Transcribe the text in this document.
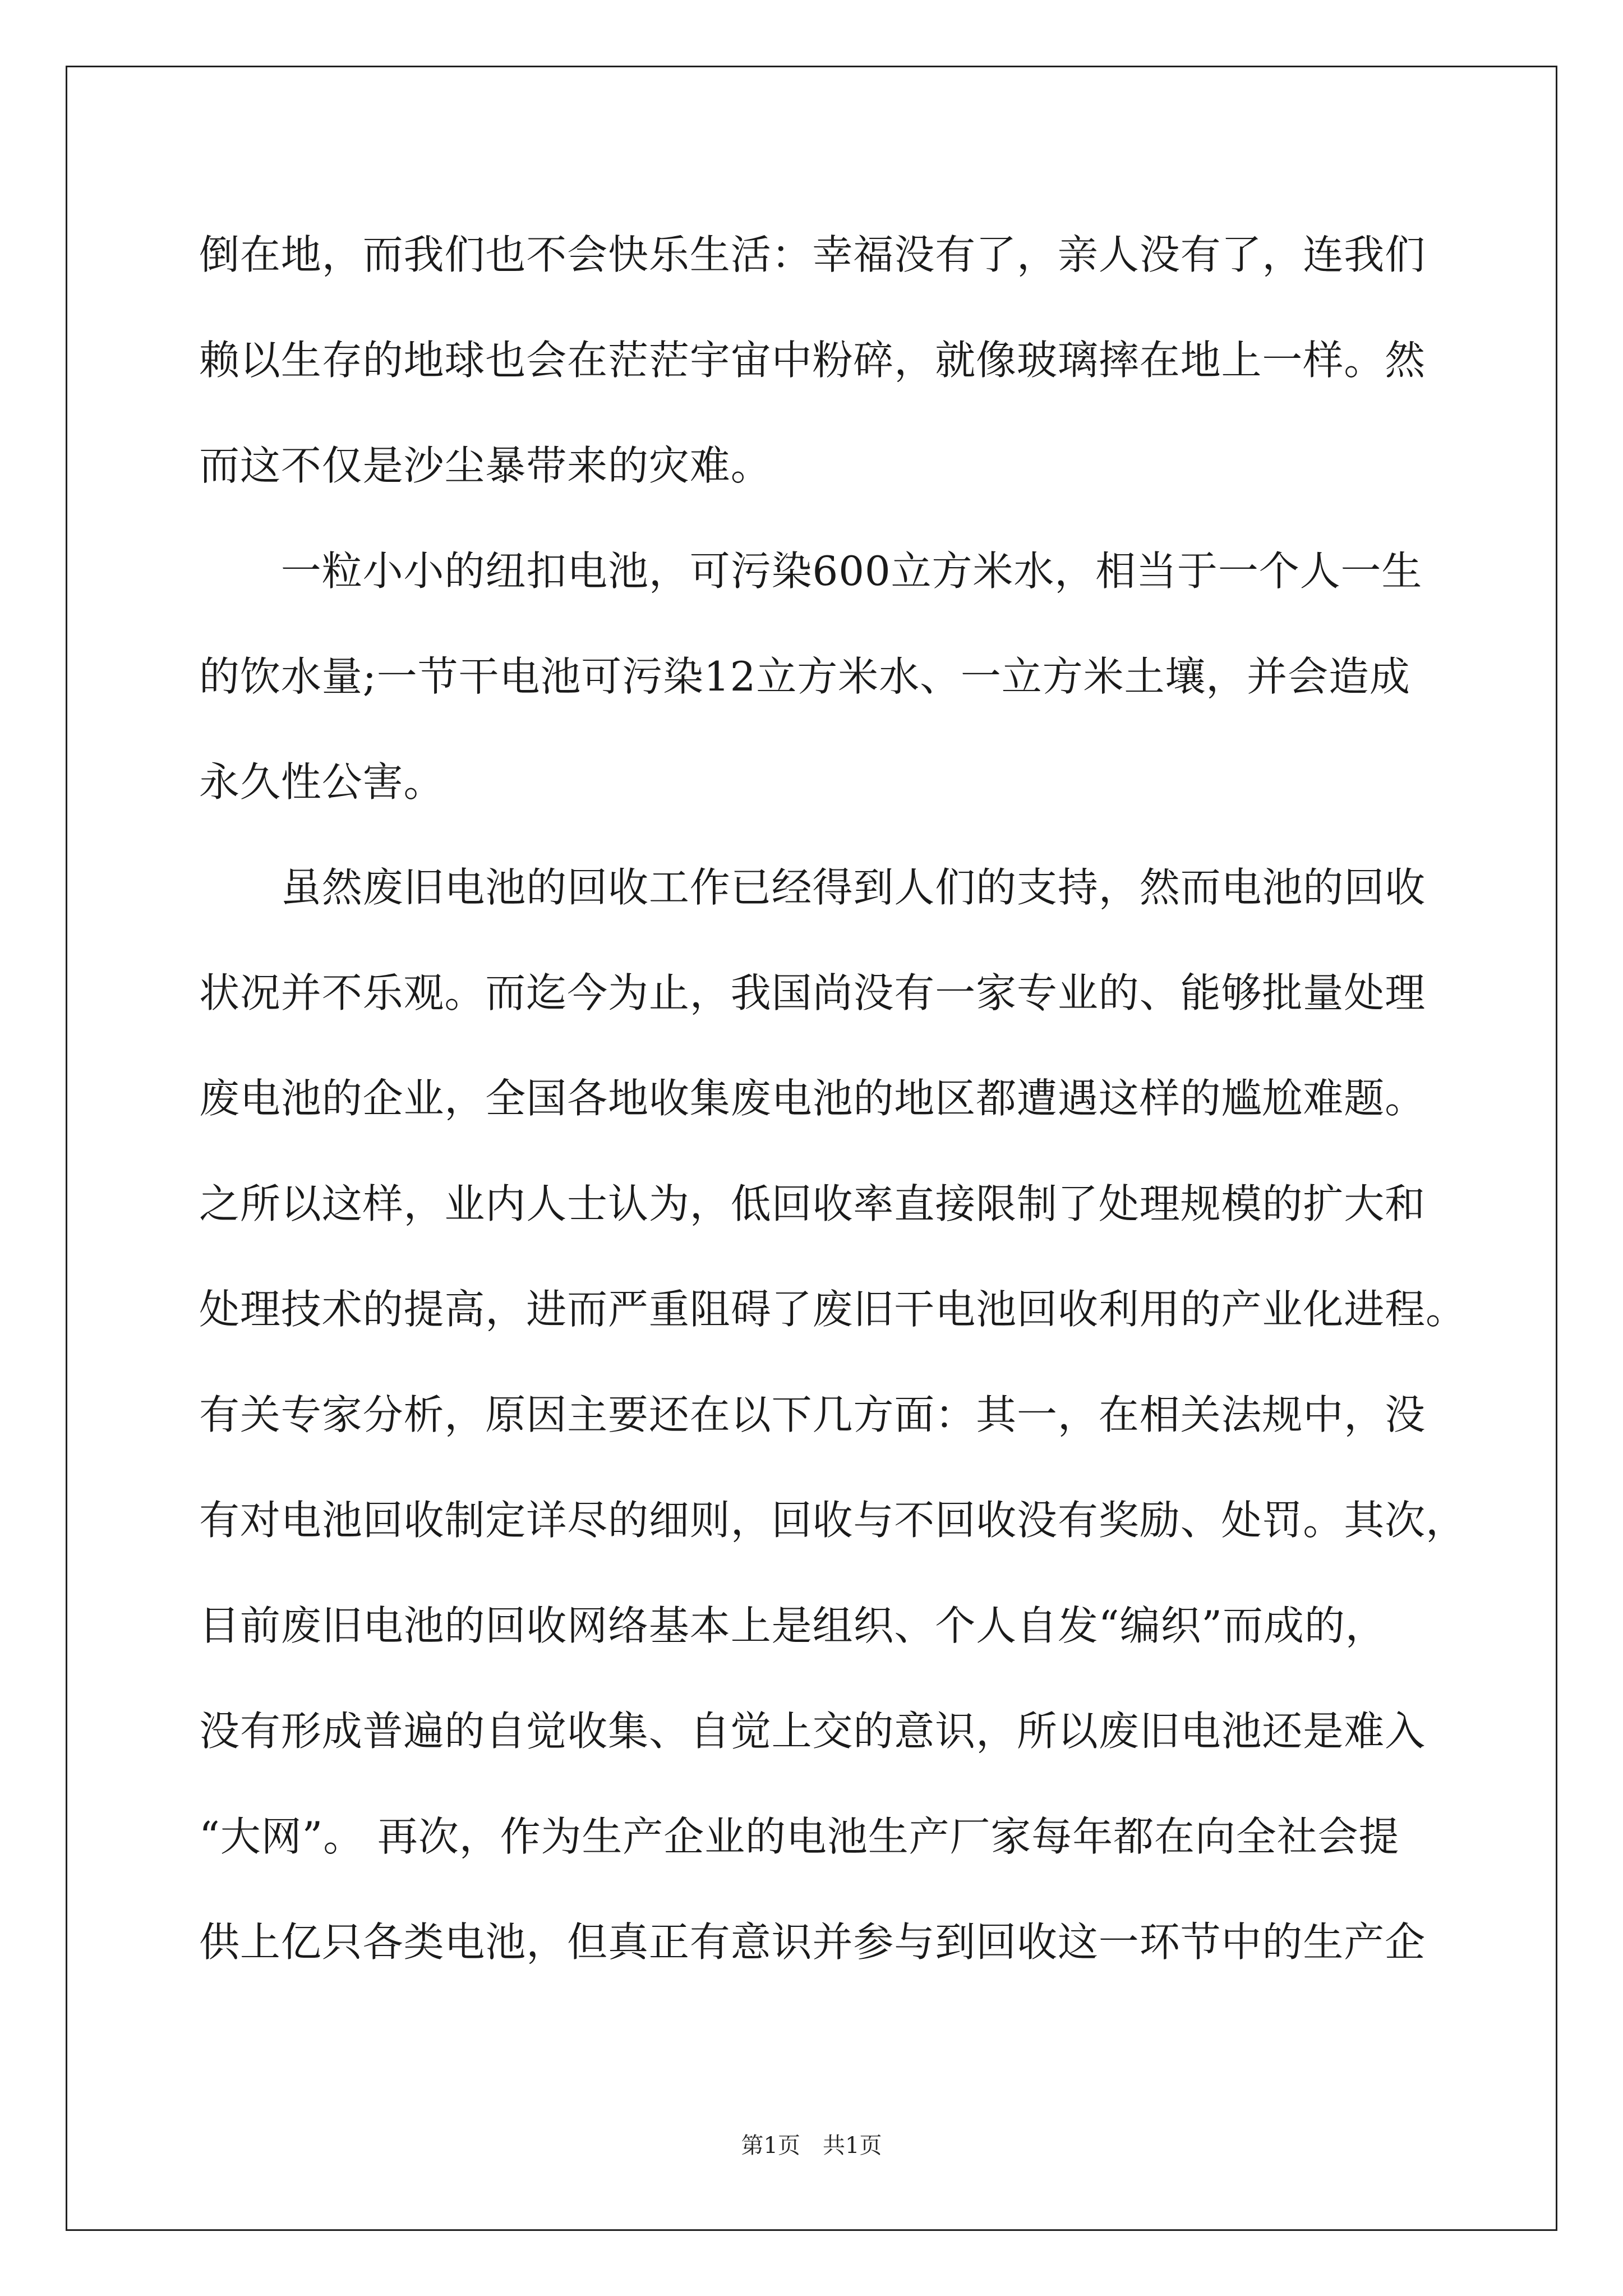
倒在地，而我们也不会快乐生活：幸福没有了，亲人没有了，连我们
赖以生存的地球也会在茫茫宇宙中粉碎，就像玻璃摔在地上一样。然
而这不仅是沙尘暴带来的灾难。
　　一粒小小的纽扣电池，可污染600立方米水，相当于一个人一生
的饮水量;一节干电池可污染12立方米水、一立方米土壤，并会造成
永久性公害。
　　虽然废旧电池的回收工作已经得到人们的支持，然而电池的回收
状况并不乐观。而迄今为止，我国尚没有一家专业的、能够批量处理
废电池的企业，全国各地收集废电池的地区都遭遇这样的尴尬难题。
之所以这样，业内人士认为，低回收率直接限制了处理规模的扩大和
处理技术的提高，进而严重阻碍了废旧干电池回收利用的产业化进程。
有关专家分析，原因主要还在以下几方面：其一，在相关法规中，没
有对电池回收制定详尽的细则，回收与不回收没有奖励、处罚。其次，
目前废旧电池的回收网络基本上是组织、个人自发“编织”而成的，
没有形成普遍的自觉收集、自觉上交的意识，所以废旧电池还是难入
“大网”。 再次，作为生产企业的电池生产厂家每年都在向全社会提
供上亿只各类电池，但真正有意识并参与到回收这一环节中的生产企
第1页　共1页
